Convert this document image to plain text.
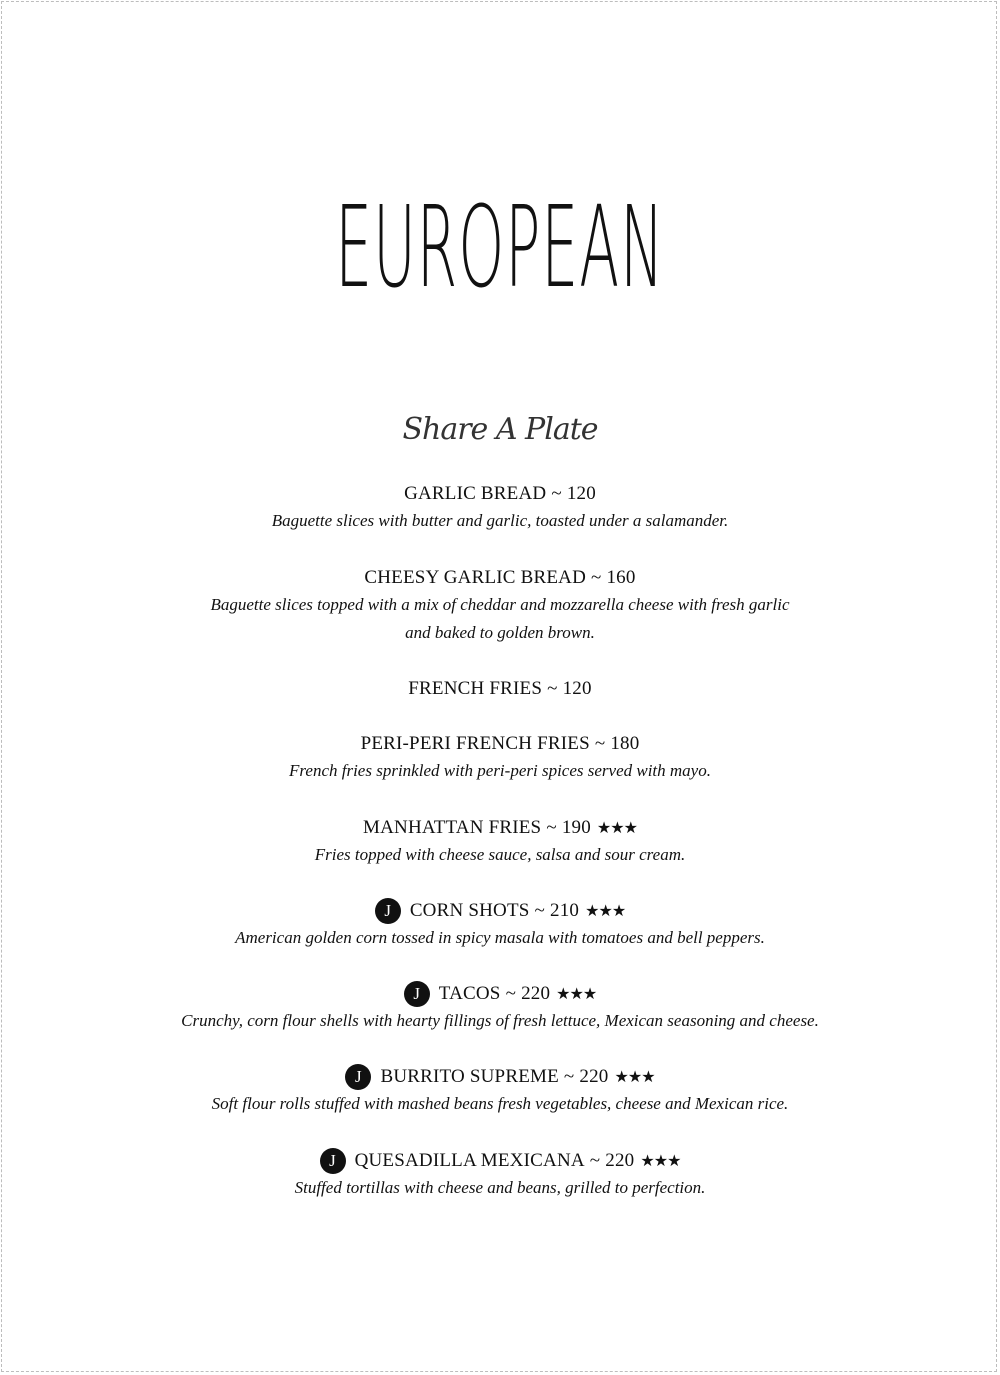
EUROPEAN
Share A Plate
GARLIC BREAD ~ 120
Baguette slices with butter and garlic, toasted under a salamander.
CHEESY GARLIC BREAD ~ 160
Baguette slices topped with a mix of cheddar and mozzarella cheese with fresh garlic
and baked to golden brown.
FRENCH FRIES ~ 120
PERI-PERI FRENCH FRIES ~ 180
French fries sprinkled with peri-peri spices served with mayo.
MANHATTAN FRIES ~ 190 ★ ★ ★
Fries topped with cheese sauce, salsa and sour cream.
J CORN SHOTS ~ 210 ★ ★ ★
American golden corn tossed in spicy masala with tomatoes and bell peppers.
J TACOS ~ 220 ★ ★ ★
Crunchy, corn flour shells with hearty fillings of fresh lettuce, Mexican seasoning and cheese.
J BURRITO SUPREME ~ 220 ★ ★ ★
Soft flour rolls stuffed with mashed beans fresh vegetables, cheese and Mexican rice.
J QUESADILLA MEXICANA ~ 220 ★ ★ ★
Stuffed tortillas with cheese and beans, grilled to perfection.
